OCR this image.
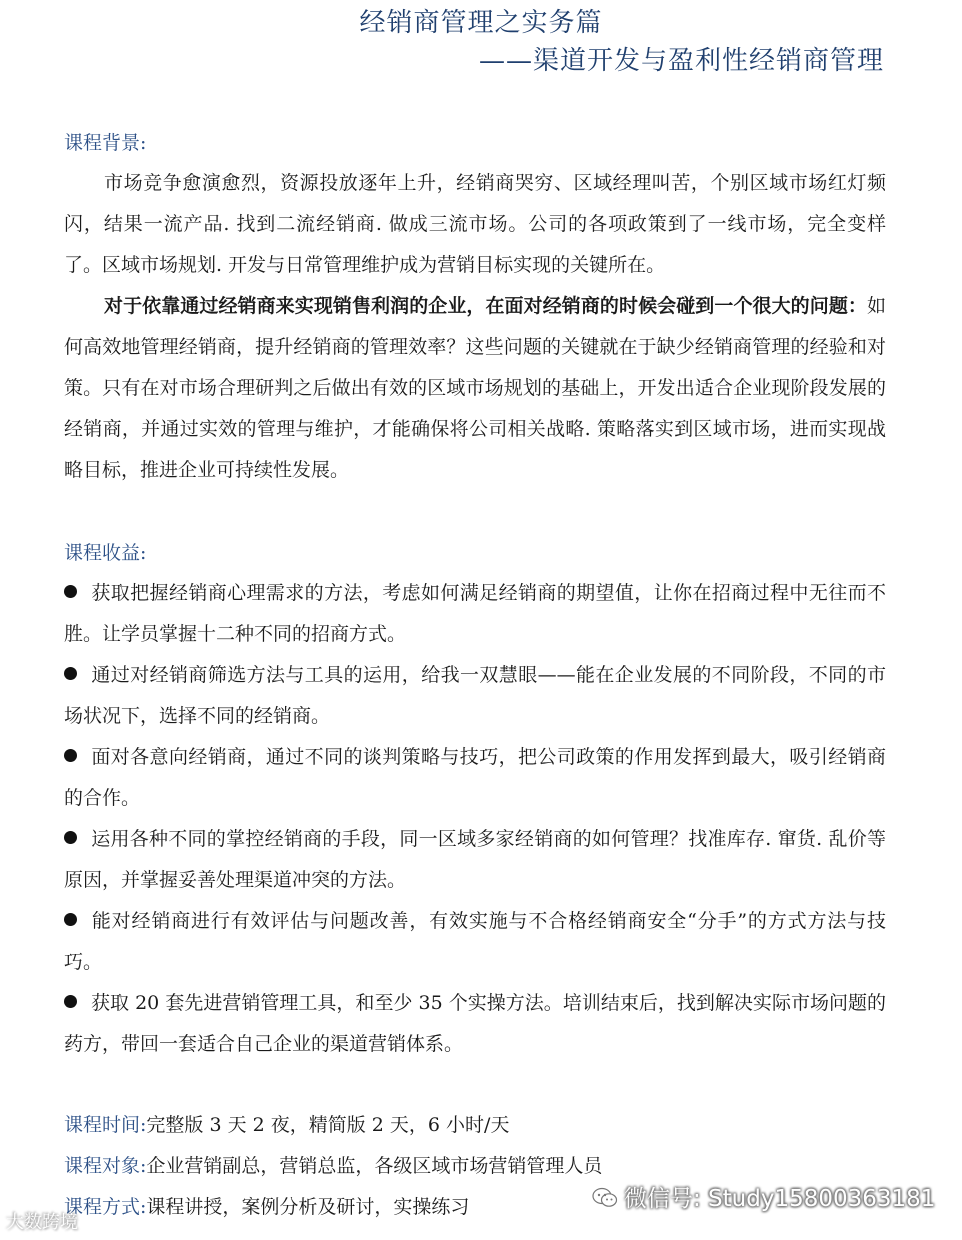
经销商管理之实务篇
——渠道开发与盈利性经销商管理
课程背景:

市场竞争愈演愈烈，资源投放逐年上升，经销商哭穷、区域经理叫苦，个别区域市场红灯频闪，结果一流产品. 找到二流经销商. 做成三流市场。公司的各项政策到了一线市场，完全变样了。区域市场规划. 开发与日常管理维护成为营销目标实现的关键所在。

对于依靠通过经销商来实现销售利润的企业，在面对经销商的时候会碰到一个很大的问题：如何高效地管理经销商，提升经销商的管理效率？这些问题的关键就在于缺少经销商管理的经验和对策。只有在对市场合理研判之后做出有效的区域市场规划的基础上，开发出适合企业现阶段发展的经销商，并通过实效的管理与维护，才能确保将公司相关战略. 策略落实到区域市场，进而实现战略目标，推进企业可持续性发展。

课程收益:

获取把握经销商心理需求的方法，考虑如何满足经销商的期望值，让你在招商过程中无往而不胜。让学员掌握十二种不同的招商方式。

通过对经销商筛选方法与工具的运用，给我一双慧眼——能在企业发展的不同阶段，不同的市场状况下，选择不同的经销商。

面对各意向经销商，通过不同的谈判策略与技巧，把公司政策的作用发挥到最大，吸引经销商的合作。

运用各种不同的掌控经销商的手段，同一区域多家经销商的如何管理？找准库存. 窜货. 乱价等原因，并掌握妥善处理渠道冲突的方法。

能对经销商进行有效评估与问题改善，有效实施与不合格经销商安全“分手”的方式方法与技巧。

获取 20 套先进营销管理工具，和至少 35 个实操方法。培训结束后，找到解决实际市场问题的药方，带回一套适合自己企业的渠道营销体系。

课程时间:完整版 3 天 2 夜，精简版 2 天，6 小时/天
课程对象:企业营销副总，营销总监，各级区域市场营销管理人员
课程方式:课程讲授，案例分析及研讨，实操练习	微信号: Study15800363181
大数跨境
